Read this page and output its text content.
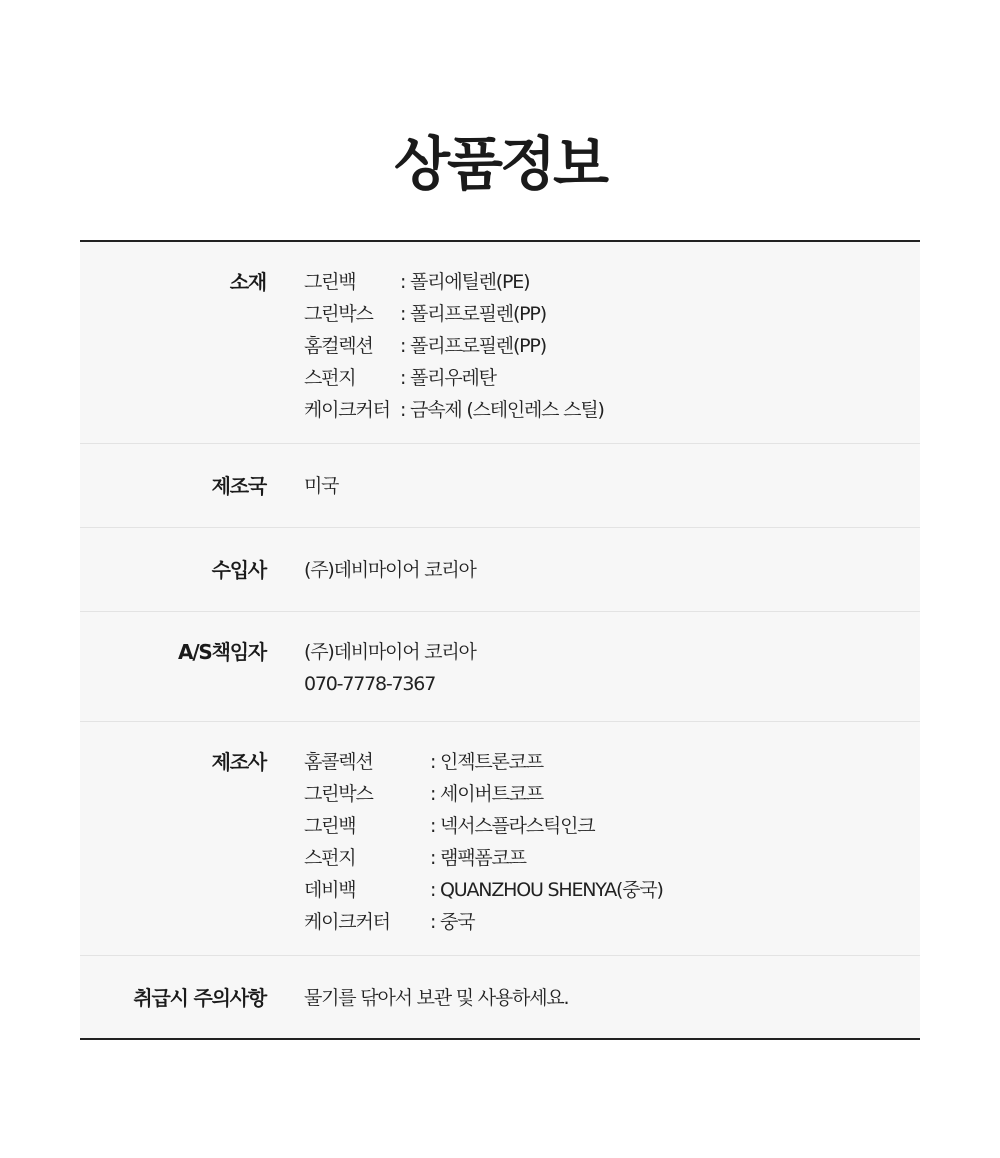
상품정보
소재 그린백	: 폴리에틸렌(PE)
그린박스	: 폴리프로필렌(PP)
홈컬렉션	: 폴리프로필렌(PP)
스펀지	: 폴리우레탄
케이크커터 : 금속제 (스테인레스 스틸)
제조국 미국
수입사 (주)데비마이어 코리아
A/S책임자 (주)데비마이어 코리아
070-7778-7367
제조사 홈콜렉션	: 인젝트론코프
그린박스	: 세이버트코프
그린백	: 넥서스플라스틱인크
스펀지	: 램팩폼코프
데비백	: QUANZHOU SHENYA(중국)
케이크커터	: 중국
취급시 주의사항 물기를 닦아서 보관 및 사용하세요.
